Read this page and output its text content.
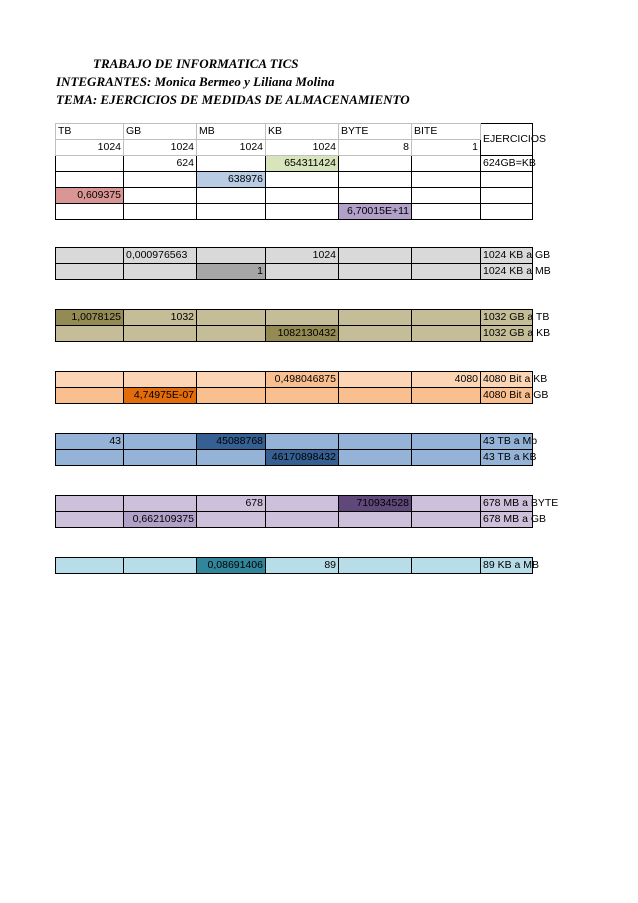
TRABAJO DE INFORMATICA TICS
INTEGRANTES: Monica Bermeo y Liliana Molina
TEMA: EJERCICIOS DE MEDIDAS DE ALMACENAMIENTO
TB	GB	MB	KB	BYTE	BITE	EJERCICIOS
1024	1024	1024	1024	8	1	
	624		654311424			624GB=KB
		638976				
0,609375						
				6,70015E+11		
	0,000976563		1024			1024 KB a GB
		1				1024 KB a MB
1,0078125	1032					1032 GB a TB
			1082130432			1032 GB a KB
			0,498046875		4080	4080 Bit a KB
	4,74975E-07					4080 Bit a GB
43		45088768				43 TB a Mb
			46170898432			43 TB a KB
		678		710934528		678 MB a BYTE
	0,662109375					678 MB a GB
		0,08691406	89			89 KB a MB
